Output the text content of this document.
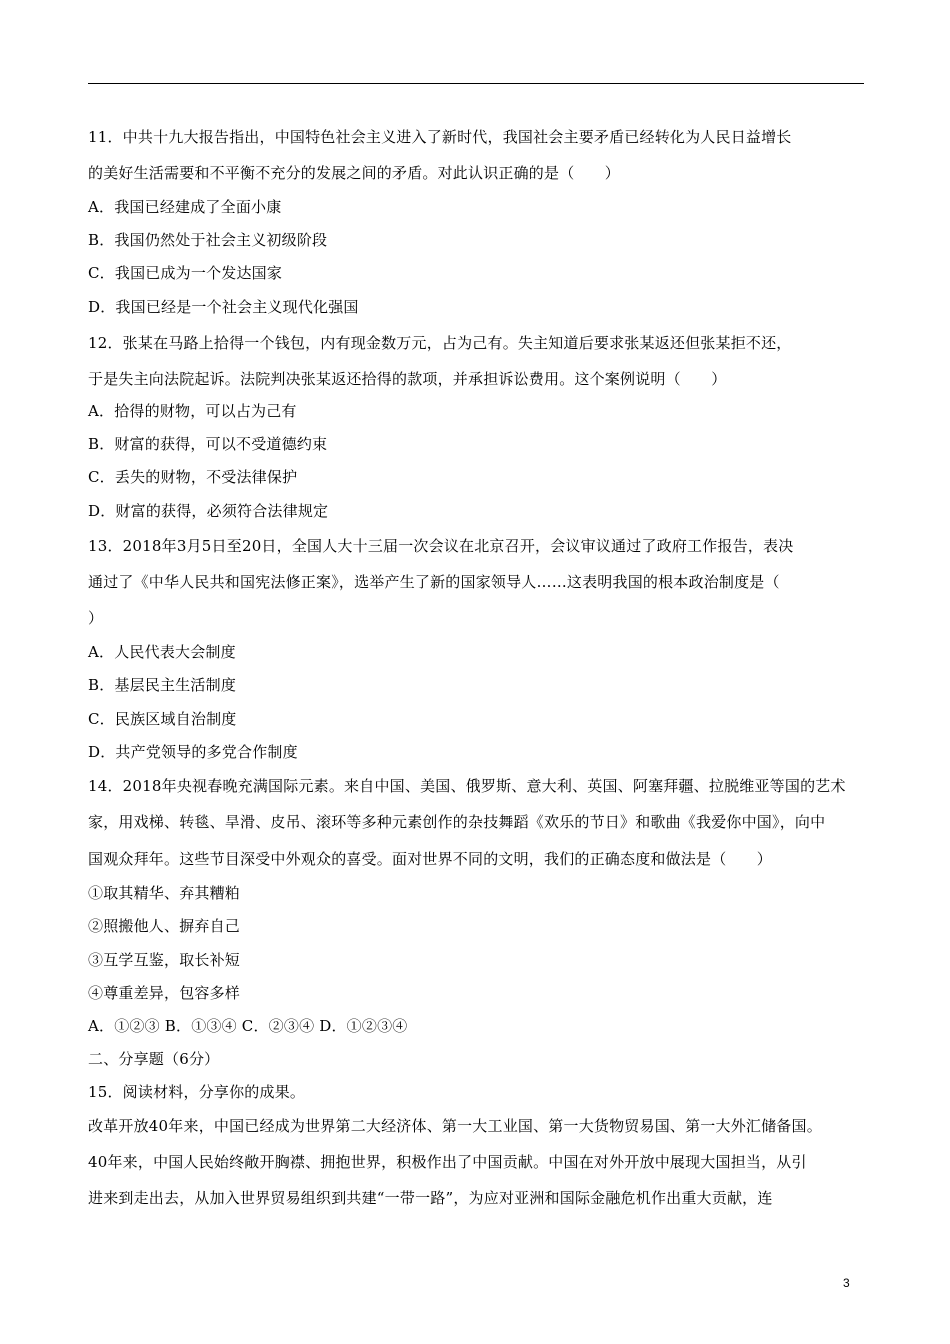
11．中共十九大报告指出，中国特色社会主义进入了新时代，我国社会主要矛盾已经转化为人民日益增长
的美好生活需要和不平衡不充分的发展之间的矛盾。对此认识正确的是（　　）
A．我国已经建成了全面小康
B．我国仍然处于社会主义初级阶段
C．我国已成为一个发达国家
D．我国已经是一个社会主义现代化强国
12．张某在马路上拾得一个钱包，内有现金数万元，占为己有。失主知道后要求张某返还但张某拒不还，
于是失主向法院起诉。法院判决张某返还拾得的款项，并承担诉讼费用。这个案例说明（　　）
A．拾得的财物，可以占为己有
B．财富的获得，可以不受道德约束
C．丢失的财物，不受法律保护
D．财富的获得，必须符合法律规定
13．2018年3月5日至20日，全国人大十三届一次会议在北京召开，会议审议通过了政府工作报告，表决
通过了《中华人民共和国宪法修正案》，选举产生了新的国家领导人……这表明我国的根本政治制度是（
）
A．人民代表大会制度
B．基层民主生活制度
C．民族区域自治制度
D．共产党领导的多党合作制度
14．2018年央视春晚充满国际元素。来自中国、美国、俄罗斯、意大利、英国、阿塞拜疆、拉脱维亚等国的艺术
家，用戏梯、转毯、旱滑、皮吊、滚环等多种元素创作的杂技舞蹈《欢乐的节日》和歌曲《我爱你中国》，向中
国观众拜年。这些节目深受中外观众的喜受。面对世界不同的文明，我们的正确态度和做法是（　　）
①取其精华、弃其糟粕
②照搬他人、摒弃自己
③互学互鉴，取长补短
④尊重差异，包容多样
A．①②③ B．①③④ C．②③④ D．①②③④
二、分享题（6分）
15．阅读材料，分享你的成果。
改革开放40年来，中国已经成为世界第二大经济体、第一大工业国、第一大货物贸易国、第一大外汇储备国。
40年来，中国人民始终敞开胸襟、拥抱世界，积极作出了中国贡献。中国在对外开放中展现大国担当，从引
进来到走出去，从加入世界贸易组织到共建“一带一路”，为应对亚洲和国际金融危机作出重大贡献，连
3
